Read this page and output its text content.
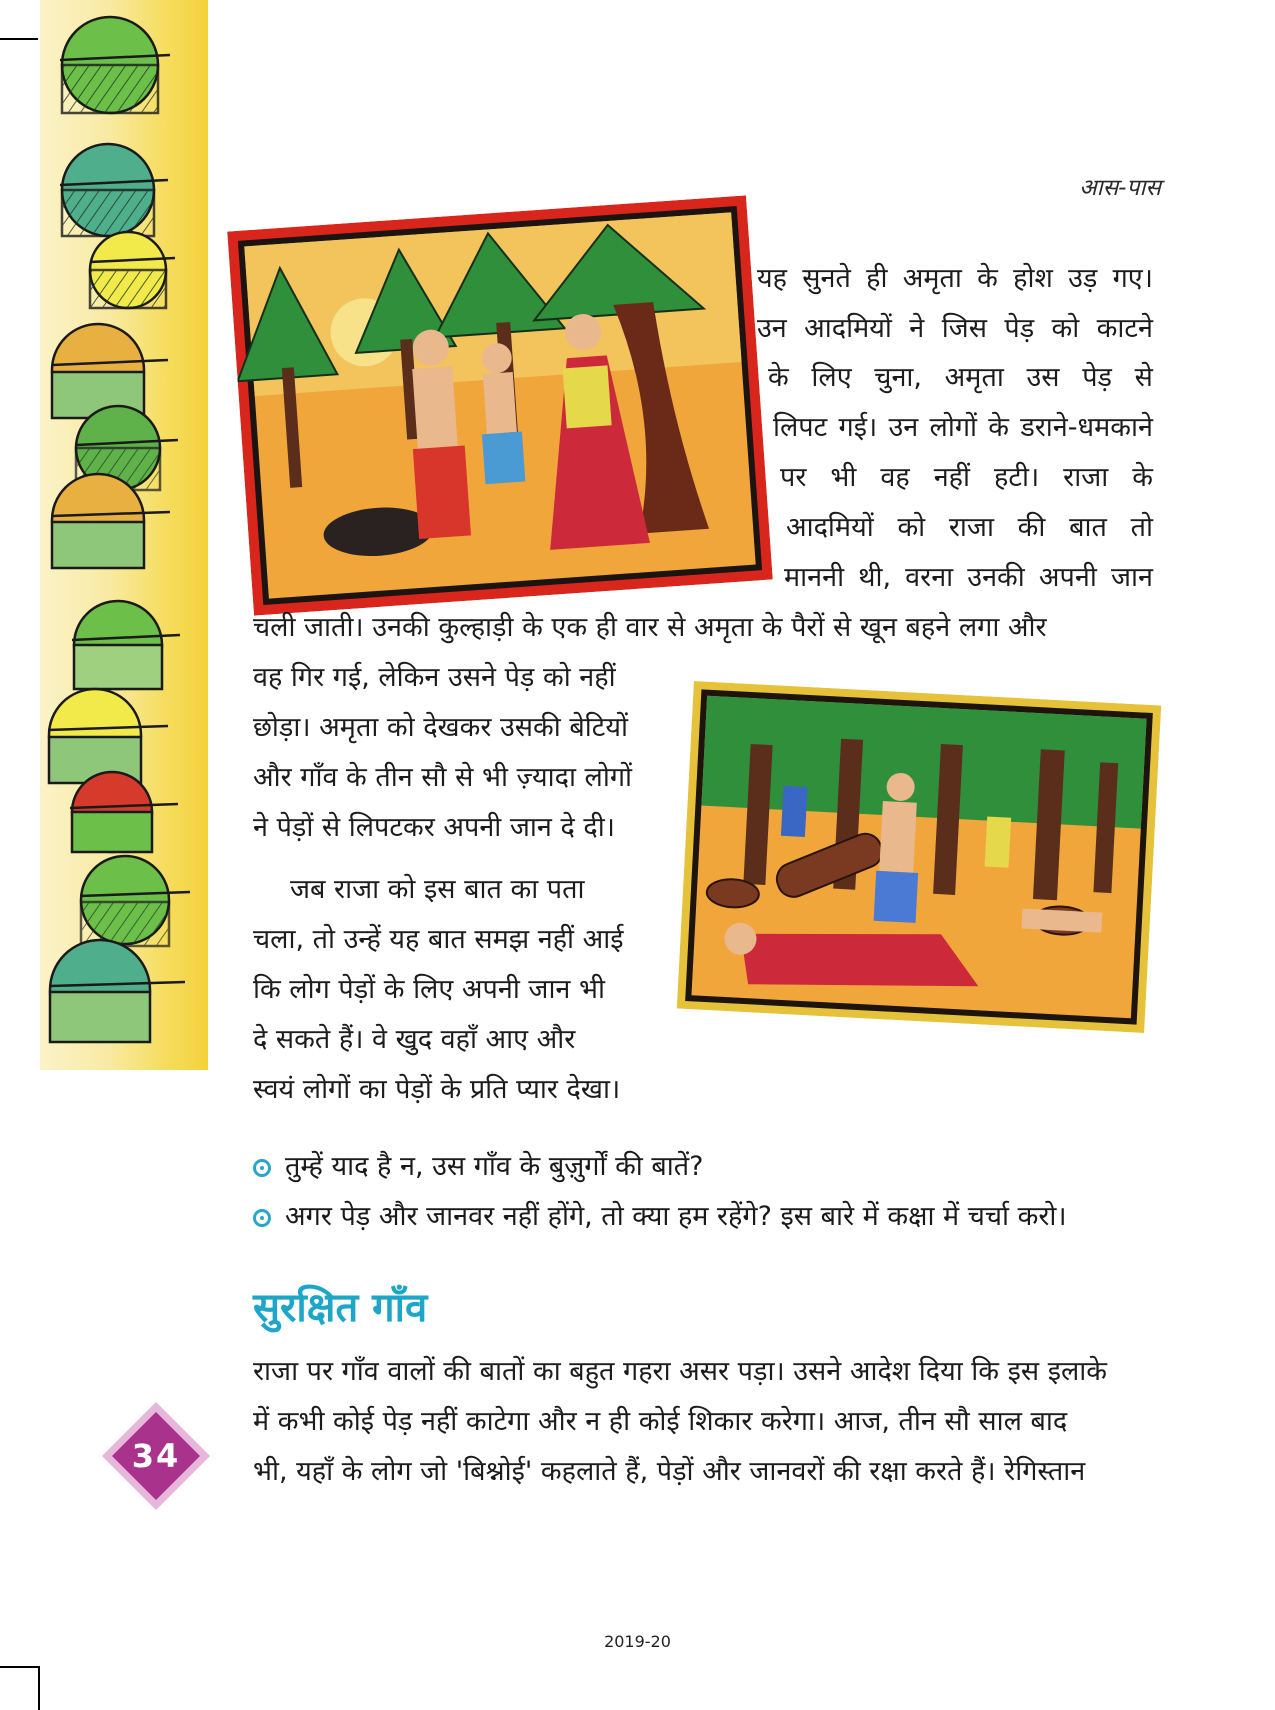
आस-पास
यह सुनते ही अमृता के होश उड़ गए।
उन आदमियों ने जिस पेड़ को काटने
के लिए चुना, अमृता उस पेड़ से
लिपट गई। उन लोगों के डराने-धमकाने
पर भी वह नहीं हटी। राजा के
आदमियों को राजा की बात तो
माननी थी, वरना उनकी अपनी जान
चली जाती। उनकी कुल्हाड़ी के एक ही वार से अमृता के पैरों से खून बहने लगा और
वह गिर गई, लेकिन उसने पेड़ को नहीं
छोड़ा। अमृता को देखकर उसकी बेटियों
और गाँव के तीन सौ से भी ज़्यादा लोगों
ने पेड़ों से लिपटकर अपनी जान दे दी।
जब राजा को इस बात का पता
चला, तो उन्हें यह बात समझ नहीं आई
कि लोग पेड़ों के लिए अपनी जान भी
दे सकते हैं। वे खुद वहाँ आए और
स्वयं लोगों का पेड़ों के प्रति प्यार देखा।
तुम्हें याद है न, उस गाँव के बुज़ुर्गों की बातें?
अगर पेड़ और जानवर नहीं होंगे, तो क्या हम रहेंगे? इस बारे में कक्षा में चर्चा करो।
सुरक्षित गाँव
राजा पर गाँव वालों की बातों का बहुत गहरा असर पड़ा। उसने आदेश दिया कि इस इलाके
में कभी कोई पेड़ नहीं काटेगा और न ही कोई शिकार करेगा। आज, तीन सौ साल बाद
भी, यहाँ के लोग जो 'बिश्नोई' कहलाते हैं, पेड़ों और जानवरों की रक्षा करते हैं। रेगिस्तान
34
2019-20
